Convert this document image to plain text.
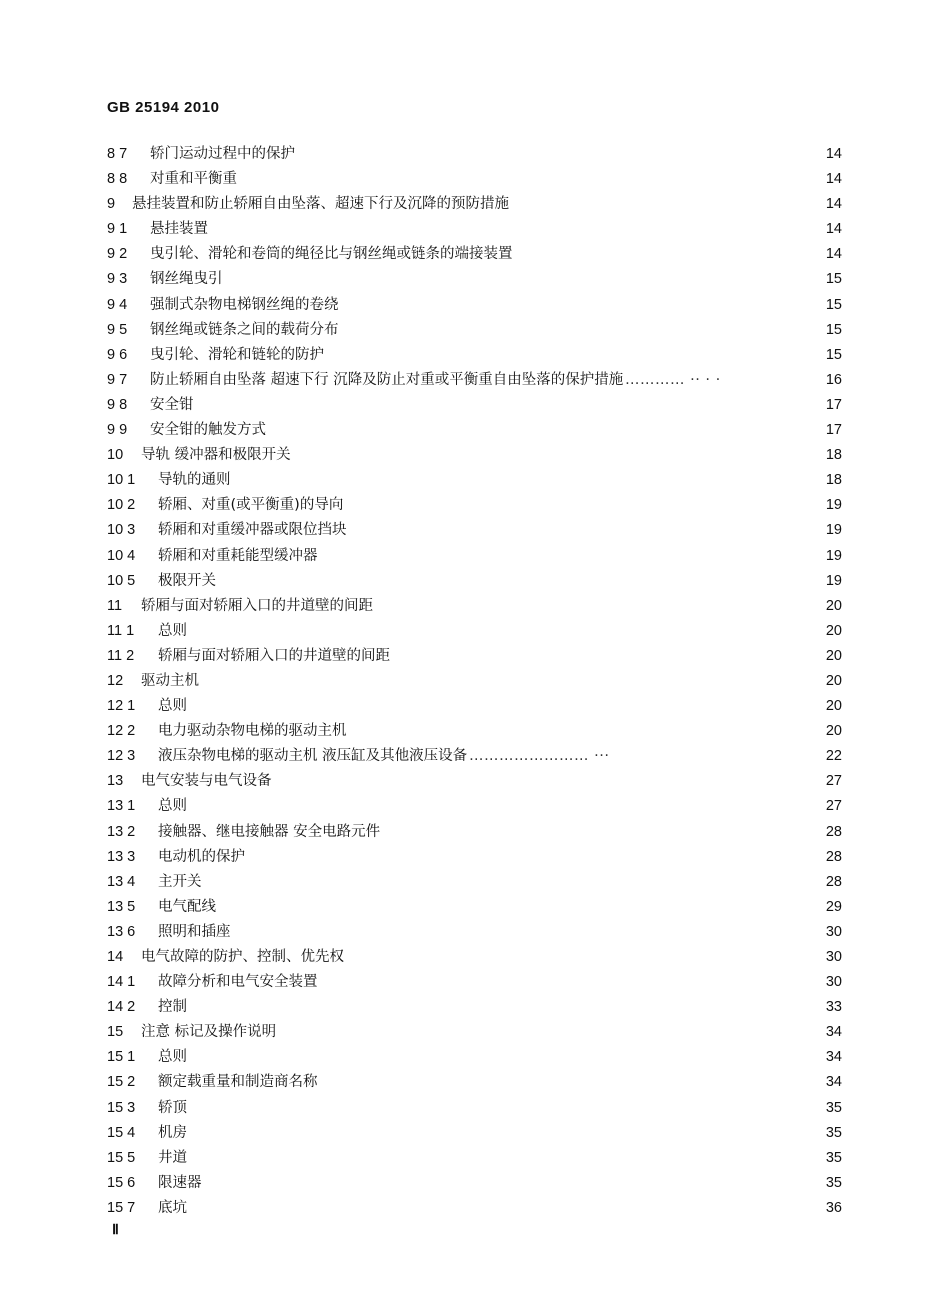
GB 25194 2010
8 7 轿门运动过程中的保护	14
8 8 对重和平衡重	14
9 悬挂装置和防止轿厢自由坠落、超速下行及沉降的预防措施	14
9 1 悬挂装置	14
9 2 曳引轮、滑轮和卷筒的绳径比与钢丝绳或链条的端接装置	14
9 3 钢丝绳曳引	15
9 4 强制式杂物电梯钢丝绳的卷绕	15
9 5 钢丝绳或链条之间的载荷分布	15
9 6 曳引轮、滑轮和链轮的防护	15
9 7 防止轿厢自由坠落 超速下行 沉降及防止对重或平衡重自由坠落的保护措施 ………… ·· · ·	16
9 8 安全钳	17
9 9 安全钳的触发方式	17
10 导轨 缓冲器和极限开关	18
10 1 导轨的通则	18
10 2 轿厢、对重(或平衡重)的导向	19
10 3 轿厢和对重缓冲器或限位挡块	19
10 4 轿厢和对重耗能型缓冲器	19
10 5 极限开关	19
11 轿厢与面对轿厢入口的井道壁的间距	20
11 1 总则	20
11 2 轿厢与面对轿厢入口的井道壁的间距	20
12 驱动主机	20
12 1 总则	20
12 2 电力驱动杂物电梯的驱动主机	20
12 3 液压杂物电梯的驱动主机 液压缸及其他液压设备 …………………… ···	22
13 电气安装与电气设备	27
13 1 总则	27
13 2 接触器、继电接触器 安全电路元件	28
13 3 电动机的保护	28
13 4 主开关	28
13 5 电气配线	29
13 6 照明和插座	30
14 电气故障的防护、控制、优先权	30
14 1 故障分析和电气安全装置	30
14 2 控制	33
15 注意 标记及操作说明	34
15 1 总则	34
15 2 额定载重量和制造商名称	34
15 3 轿顶	35
15 4 机房	35
15 5 井道	35
15 6 限速器	35
15 7 底坑	36
Ⅱ
